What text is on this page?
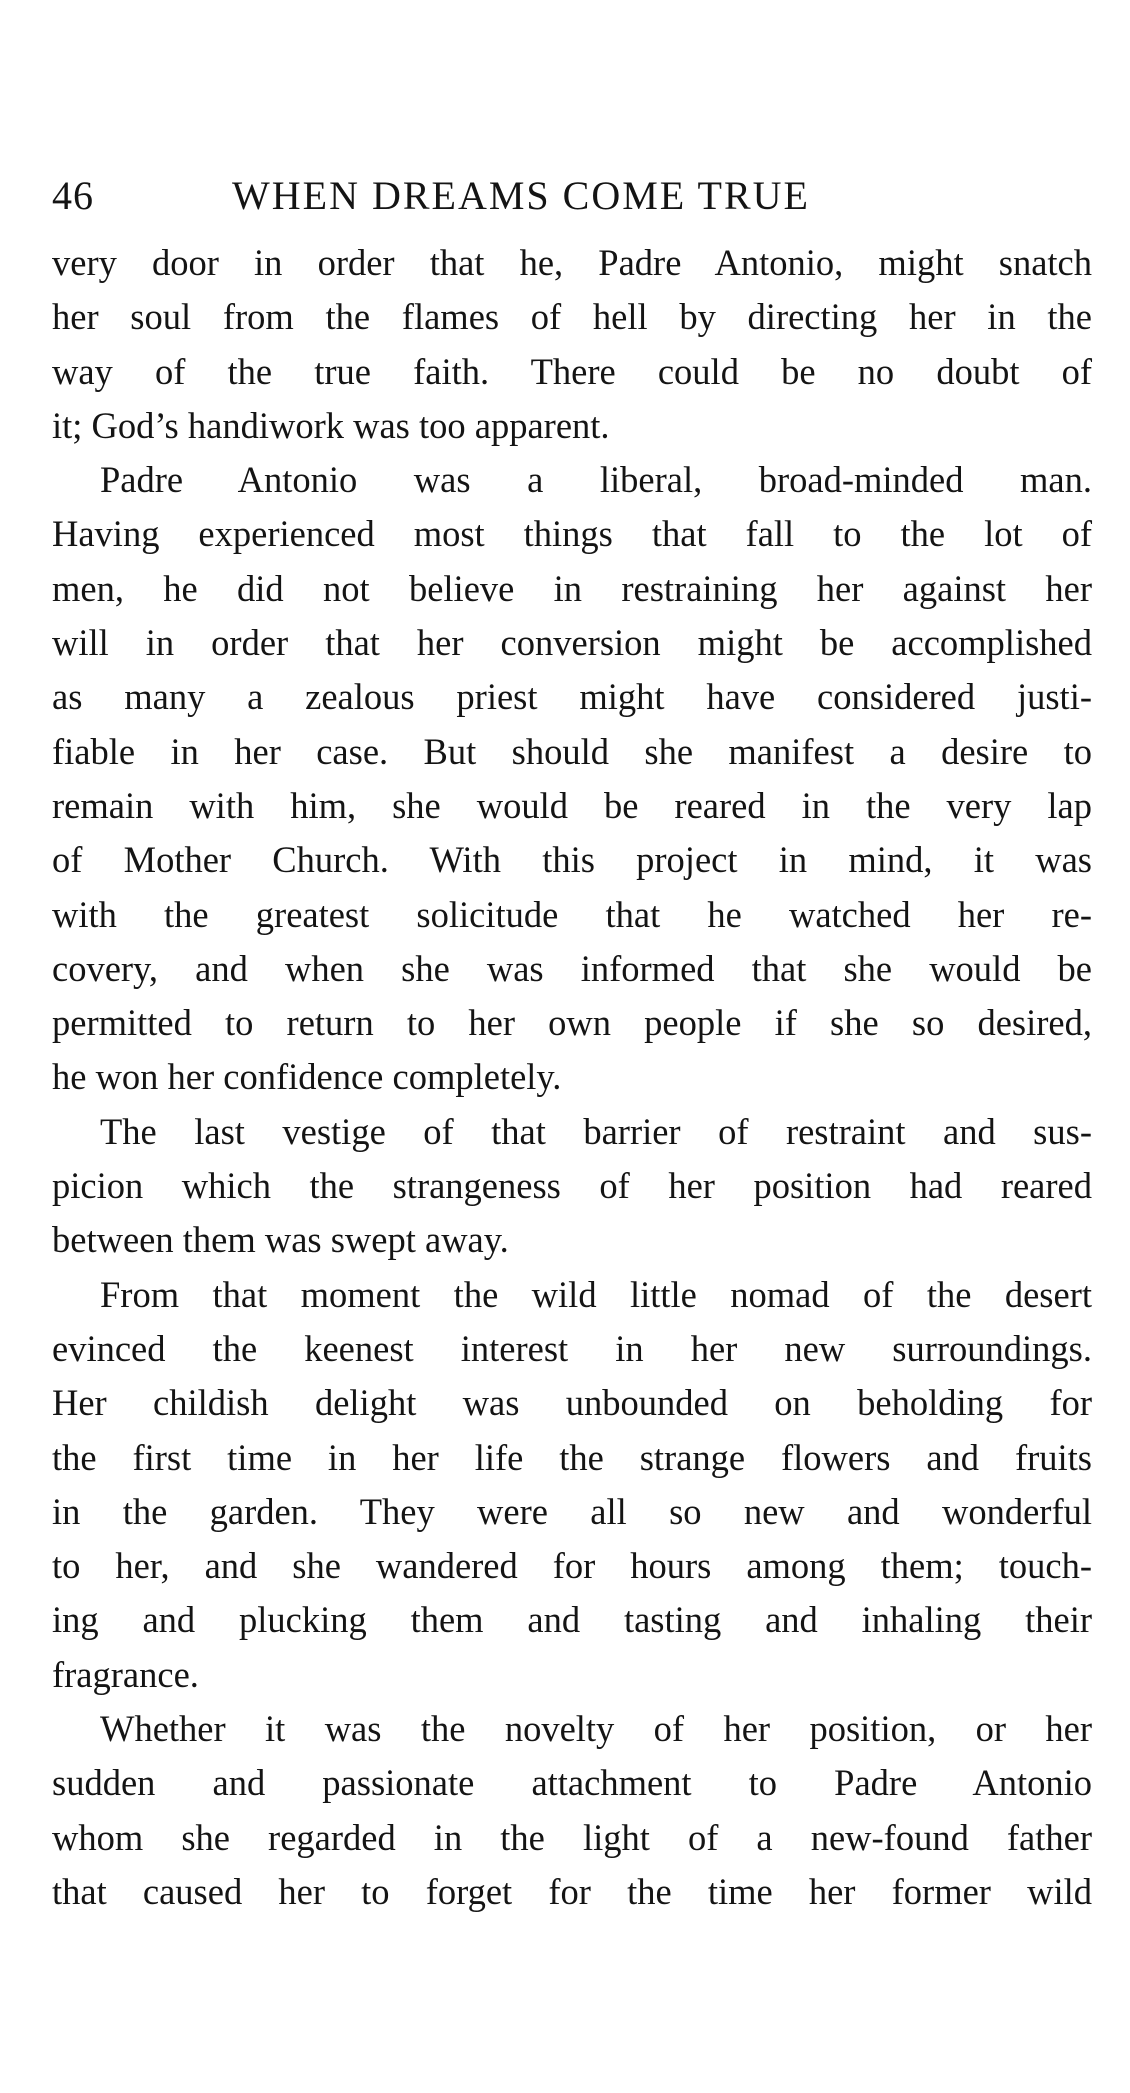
46	WHEN DREAMS COME TRUE
very door in order that he, Padre Antonio, might snatch
her soul from the flames of hell by directing her in the
way of the true faith. There could be no doubt of
it; God’s handiwork was too apparent.
Padre Antonio was a liberal, broad-minded man.
Having experienced most things that fall to the lot of
men, he did not believe in restraining her against her
will in order that her conversion might be accomplished
as many a zealous priest might have considered justi-
fiable in her case. But should she manifest a desire to
remain with him, she would be reared in the very lap
of Mother Church. With this project in mind, it was
with the greatest solicitude that he watched her re-
covery, and when she was informed that she would be
permitted to return to her own people if she so desired,
he won her confidence completely.
The last vestige of that barrier of restraint and sus-
picion which the strangeness of her position had reared
between them was swept away.
From that moment the wild little nomad of the desert
evinced the keenest interest in her new surroundings.
Her childish delight was unbounded on beholding for
the first time in her life the strange flowers and fruits
in the garden. They were all so new and wonderful
to her, and she wandered for hours among them; touch-
ing and plucking them and tasting and inhaling their
fragrance.
Whether it was the novelty of her position, or her
sudden and passionate attachment to Padre Antonio
whom she regarded in the light of a new-found father
that caused her to forget for the time her former wild
